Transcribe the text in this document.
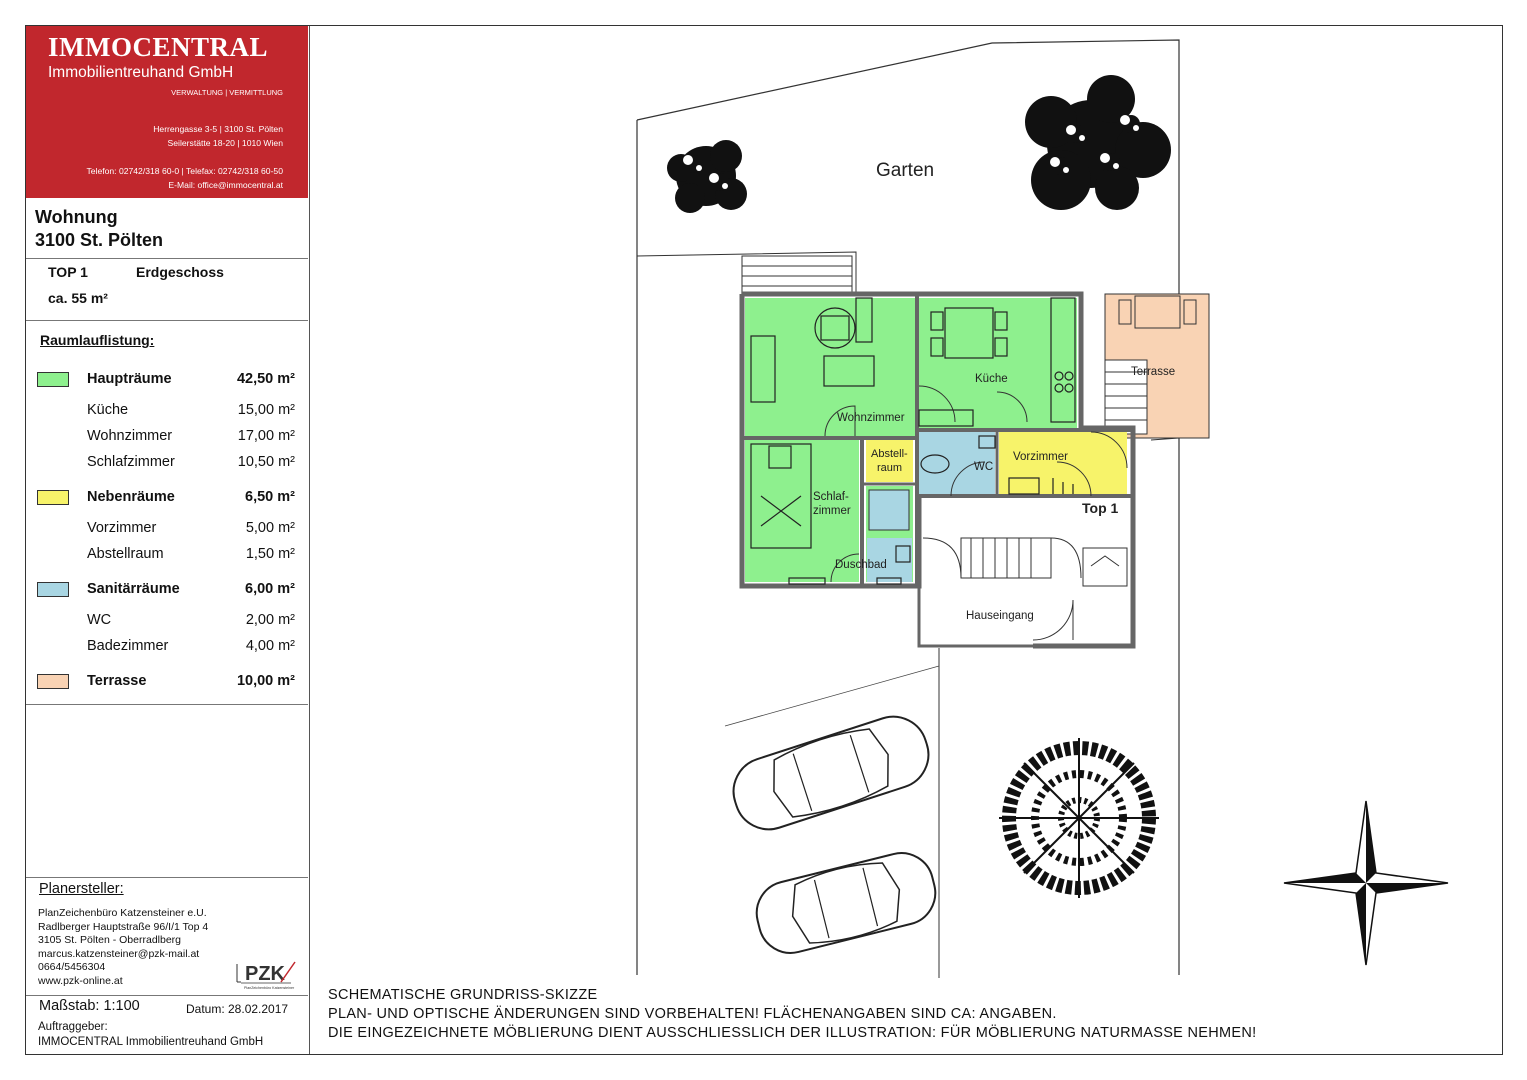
IMMOCENTRAL
Immobilientreuhand GmbH
VERWALTUNG | VERMITTLUNG
Herrengasse 3-5 | 3100 St. Pölten
Seilerstätte 18-20 | 1010 Wien
Telefon: 02742/318 60-0 | Telefax: 02742/318 60-50
E-Mail: office@immocentral.at
Wohnung
3100 St. Pölten
TOP 1	Erdgeschoss
ca. 55 m²
Raumlauflistung:
Haupträume	42,50 m²
Küche	15,00 m²
Wohnzimmer	17,00 m²
Schlafzimmer	10,50 m²
Nebenräume	6,50 m²
Vorzimmer	5,00 m²
Abstellraum	1,50 m²
Sanitärräume	6,00 m²
WC	2,00 m²
Badezimmer	4,00 m²
Terrasse	10,00 m²
Planersteller:
PlanZeichenbüro Katzensteiner e.U.
Radlberger Hauptstraße 96/I/1 Top 4
3105 St. Pölten - Oberradlberg
marcus.katzensteiner@pzk-mail.at
0664/5456304
www.pzk-online.at	PZK
PlanZeichenbüro Katzensteiner
Maßstab: 1:100	Datum: 28.02.2017
Auftraggeber:
IMMOCENTRAL Immobilientreuhand GmbH
Garten
Küche
Wohnzimmer
Terrasse
Abstell-
raum	WC
Vorzimmer
Schlaf-
zimmer
Duschbad
Top 1
Hauseingang
SCHEMATISCHE GRUNDRISS-SKIZZE
PLAN- UND OPTISCHE ÄNDERUNGEN SIND VORBEHALTEN! FLÄCHENANGABEN SIND CA: ANGABEN.
DIE EINGEZEICHNETE MÖBLIERUNG DIENT AUSSCHLIESSLICH DER ILLUSTRATION: FÜR MÖBLIERUNG NATURMASSE NEHMEN!
